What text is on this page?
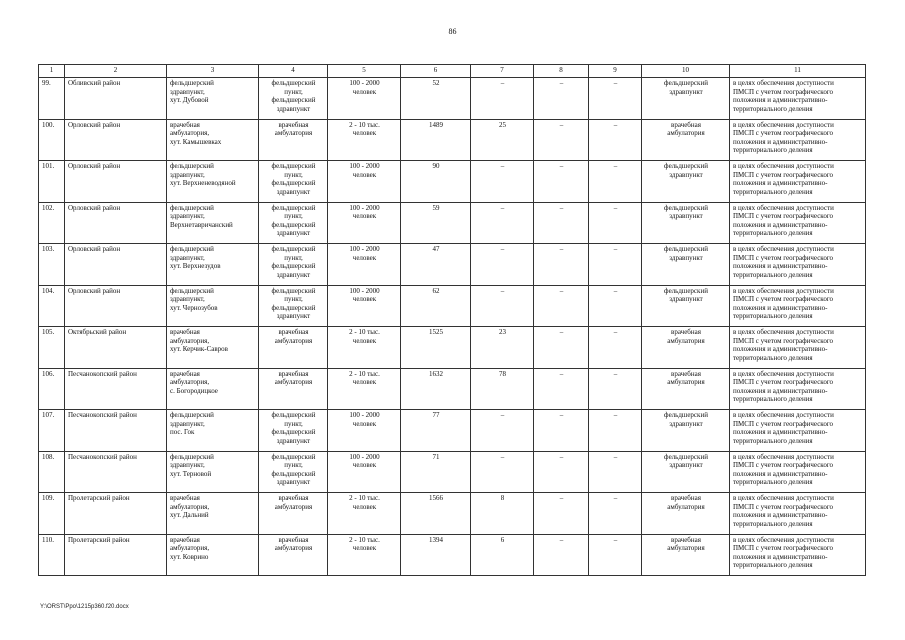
86
1	2	3	4	5	6	7	8	9	10	11
99.	Обливский район	фельдшерский
здравпункт,
хут. Дубовой	фельдшерский
пункт,
фельдшерский
здравпункт	100 - 2000
человек	52	–	–	–	фельдшерский
здравпункт	в целях обеспечения доступности
ПМСП с учетом географического
положения и административно-
территориального деления

100.	Орловский район	врачебная
амбулатория,
хут. Камышевках	врачебная
амбулатория	2 - 10 тыс.
человек	1489	25	–	–	врачебная
амбулатория	в целях обеспечения доступности
ПМСП с учетом географического
положения и административно-
территориального деления

101.	Орловский район	фельдшерский
здравпункт,
хут. Верхненеводяной	фельдшерский
пункт,
фельдшерский
здравпункт	100 - 2000
человек	90	–	–	–	фельдшерский
здравпункт	в целях обеспечения доступности
ПМСП с учетом географического
положения и административно-
территориального деления

102.	Орловский район	фельдшерский
здравпункт,
Верхнетавричанский	фельдшерский
пункт,
фельдшерский
здравпункт	100 - 2000
человек	59	–	–	–	фельдшерский
здравпункт	в целях обеспечения доступности
ПМСП с учетом географического
положения и административно-
территориального деления

103.	Орловский район	фельдшерский
здравпункт,
хут. Верхнезудов	фельдшерский
пункт,
фельдшерский
здравпункт	100 - 2000
человек	47	–	–	–	фельдшерский
здравпункт	в целях обеспечения доступности
ПМСП с учетом географического
положения и административно-
территориального деления

104.	Орловский район	фельдшерский
здравпункт,
хут. Чернозубов	фельдшерский
пункт,
фельдшерский
здравпункт	100 - 2000
человек	62	–	–	–	фельдшерский
здравпункт	в целях обеспечения доступности
ПМСП с учетом географического
положения и административно-
территориального деления

105.	Октябрьский район	врачебная
амбулатория,
хут. Керчик-Савров	врачебная
амбулатория	2 - 10 тыс.
человек	1525	23	–	–	врачебная
амбулатория	в целях обеспечения доступности
ПМСП с учетом географического
положения и административно-
территориального деления

106.	Песчанокопский район	врачебная
амбулатория,
с. Богородицкое	врачебная
амбулатория	2 - 10 тыс.
человек	1632	78	–	–	врачебная
амбулатория	в целях обеспечения доступности
ПМСП с учетом географического
положения и административно-
территориального деления

107.	Песчанокопский район	фельдшерский
здравпункт,
пос. Гок	фельдшерский
пункт,
фельдшерский
здравпункт	100 - 2000
человек	77	–	–	–	фельдшерский
здравпункт	в целях обеспечения доступности
ПМСП с учетом географического
положения и административно-
территориального деления

108.	Песчанокопский район	фельдшерский
здравпункт,
хут. Терновой	фельдшерский
пункт,
фельдшерский
здравпункт	100 - 2000
человек	71	–	–	–	фельдшерский
здравпункт	в целях обеспечения доступности
ПМСП с учетом географического
положения и административно-
территориального деления

109.	Пролетарский район	врачебная
амбулатория,
хут. Дальний	врачебная
амбулатория	2 - 10 тыс.
человек	1566	8	–	–	врачебная
амбулатория	в целях обеспечения доступности
ПМСП с учетом географического
положения и административно-
территориального деления

110.	Пролетарский район	врачебная
амбулатория,
хут. Коврино	врачебная
амбулатория	2 - 10 тыс.
человек	1394	6	–	–	врачебная
амбулатория	в целях обеспечения доступности
ПМСП с учетом географического
положения и административно-
территориального деления
Y:\ORST\Ppo\1215p360.f20.docx
